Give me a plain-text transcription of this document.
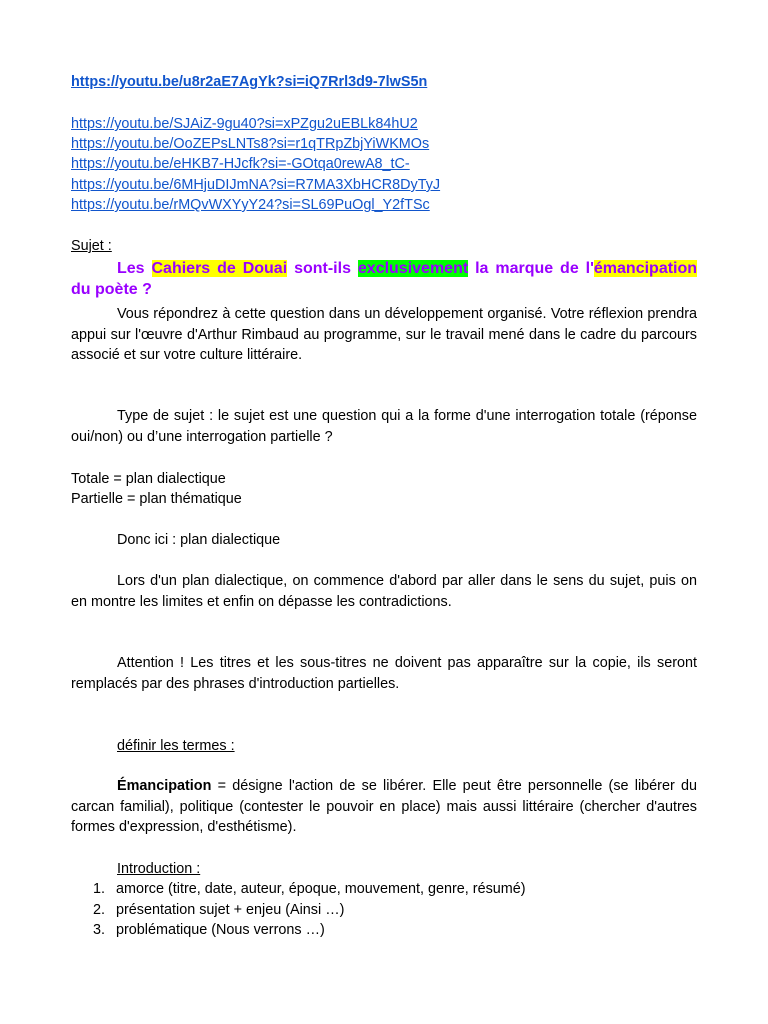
https://youtu.be/u8r2aE7AgYk?si=iQ7Rrl3d9-7lwS5n
https://youtu.be/SJAiZ-9gu40?si=xPZgu2uEBLk84hU2
https://youtu.be/OoZEPsLNTs8?si=r1qTRpZbjYiWKMOs
https://youtu.be/eHKB7-HJcfk?si=-GOtqa0rewA8_tC-
https://youtu.be/6MHjuDIJmNA?si=R7MA3XbHCR8DyTyJ
https://youtu.be/rMQvWXYyY24?si=SL69PuOgl_Y2fTSc
Sujet :
Les Cahiers de Douai sont-ils exclusivement la marque de l'émancipation du poète ?
Vous répondrez à cette question dans un développement organisé. Votre réflexion prendra appui sur l'œuvre d'Arthur Rimbaud au programme, sur le travail mené dans le cadre du parcours associé et sur votre culture littéraire.
Type de sujet : le sujet est une question qui a la forme d'une interrogation totale (réponse oui/non) ou d’une interrogation partielle ?
Totale = plan dialectique
Partielle = plan thématique
Donc ici : plan dialectique
Lors d'un plan dialectique, on commence d'abord par aller dans le sens du sujet, puis on en montre les limites et enfin on dépasse les contradictions.
Attention ! Les titres et les sous-titres ne doivent pas apparaître sur la copie, ils seront remplacés par des phrases d'introduction partielles.
définir les termes :
Émancipation = désigne l'action de se libérer. Elle peut être personnelle (se libérer du carcan familial), politique (contester le pouvoir en place) mais aussi littéraire (chercher d'autres formes d'expression, d'esthétisme).
Introduction :
1. amorce (titre, date, auteur, époque, mouvement, genre, résumé)
2. présentation sujet + enjeu (Ainsi …)
3. problématique (Nous verrons …)
